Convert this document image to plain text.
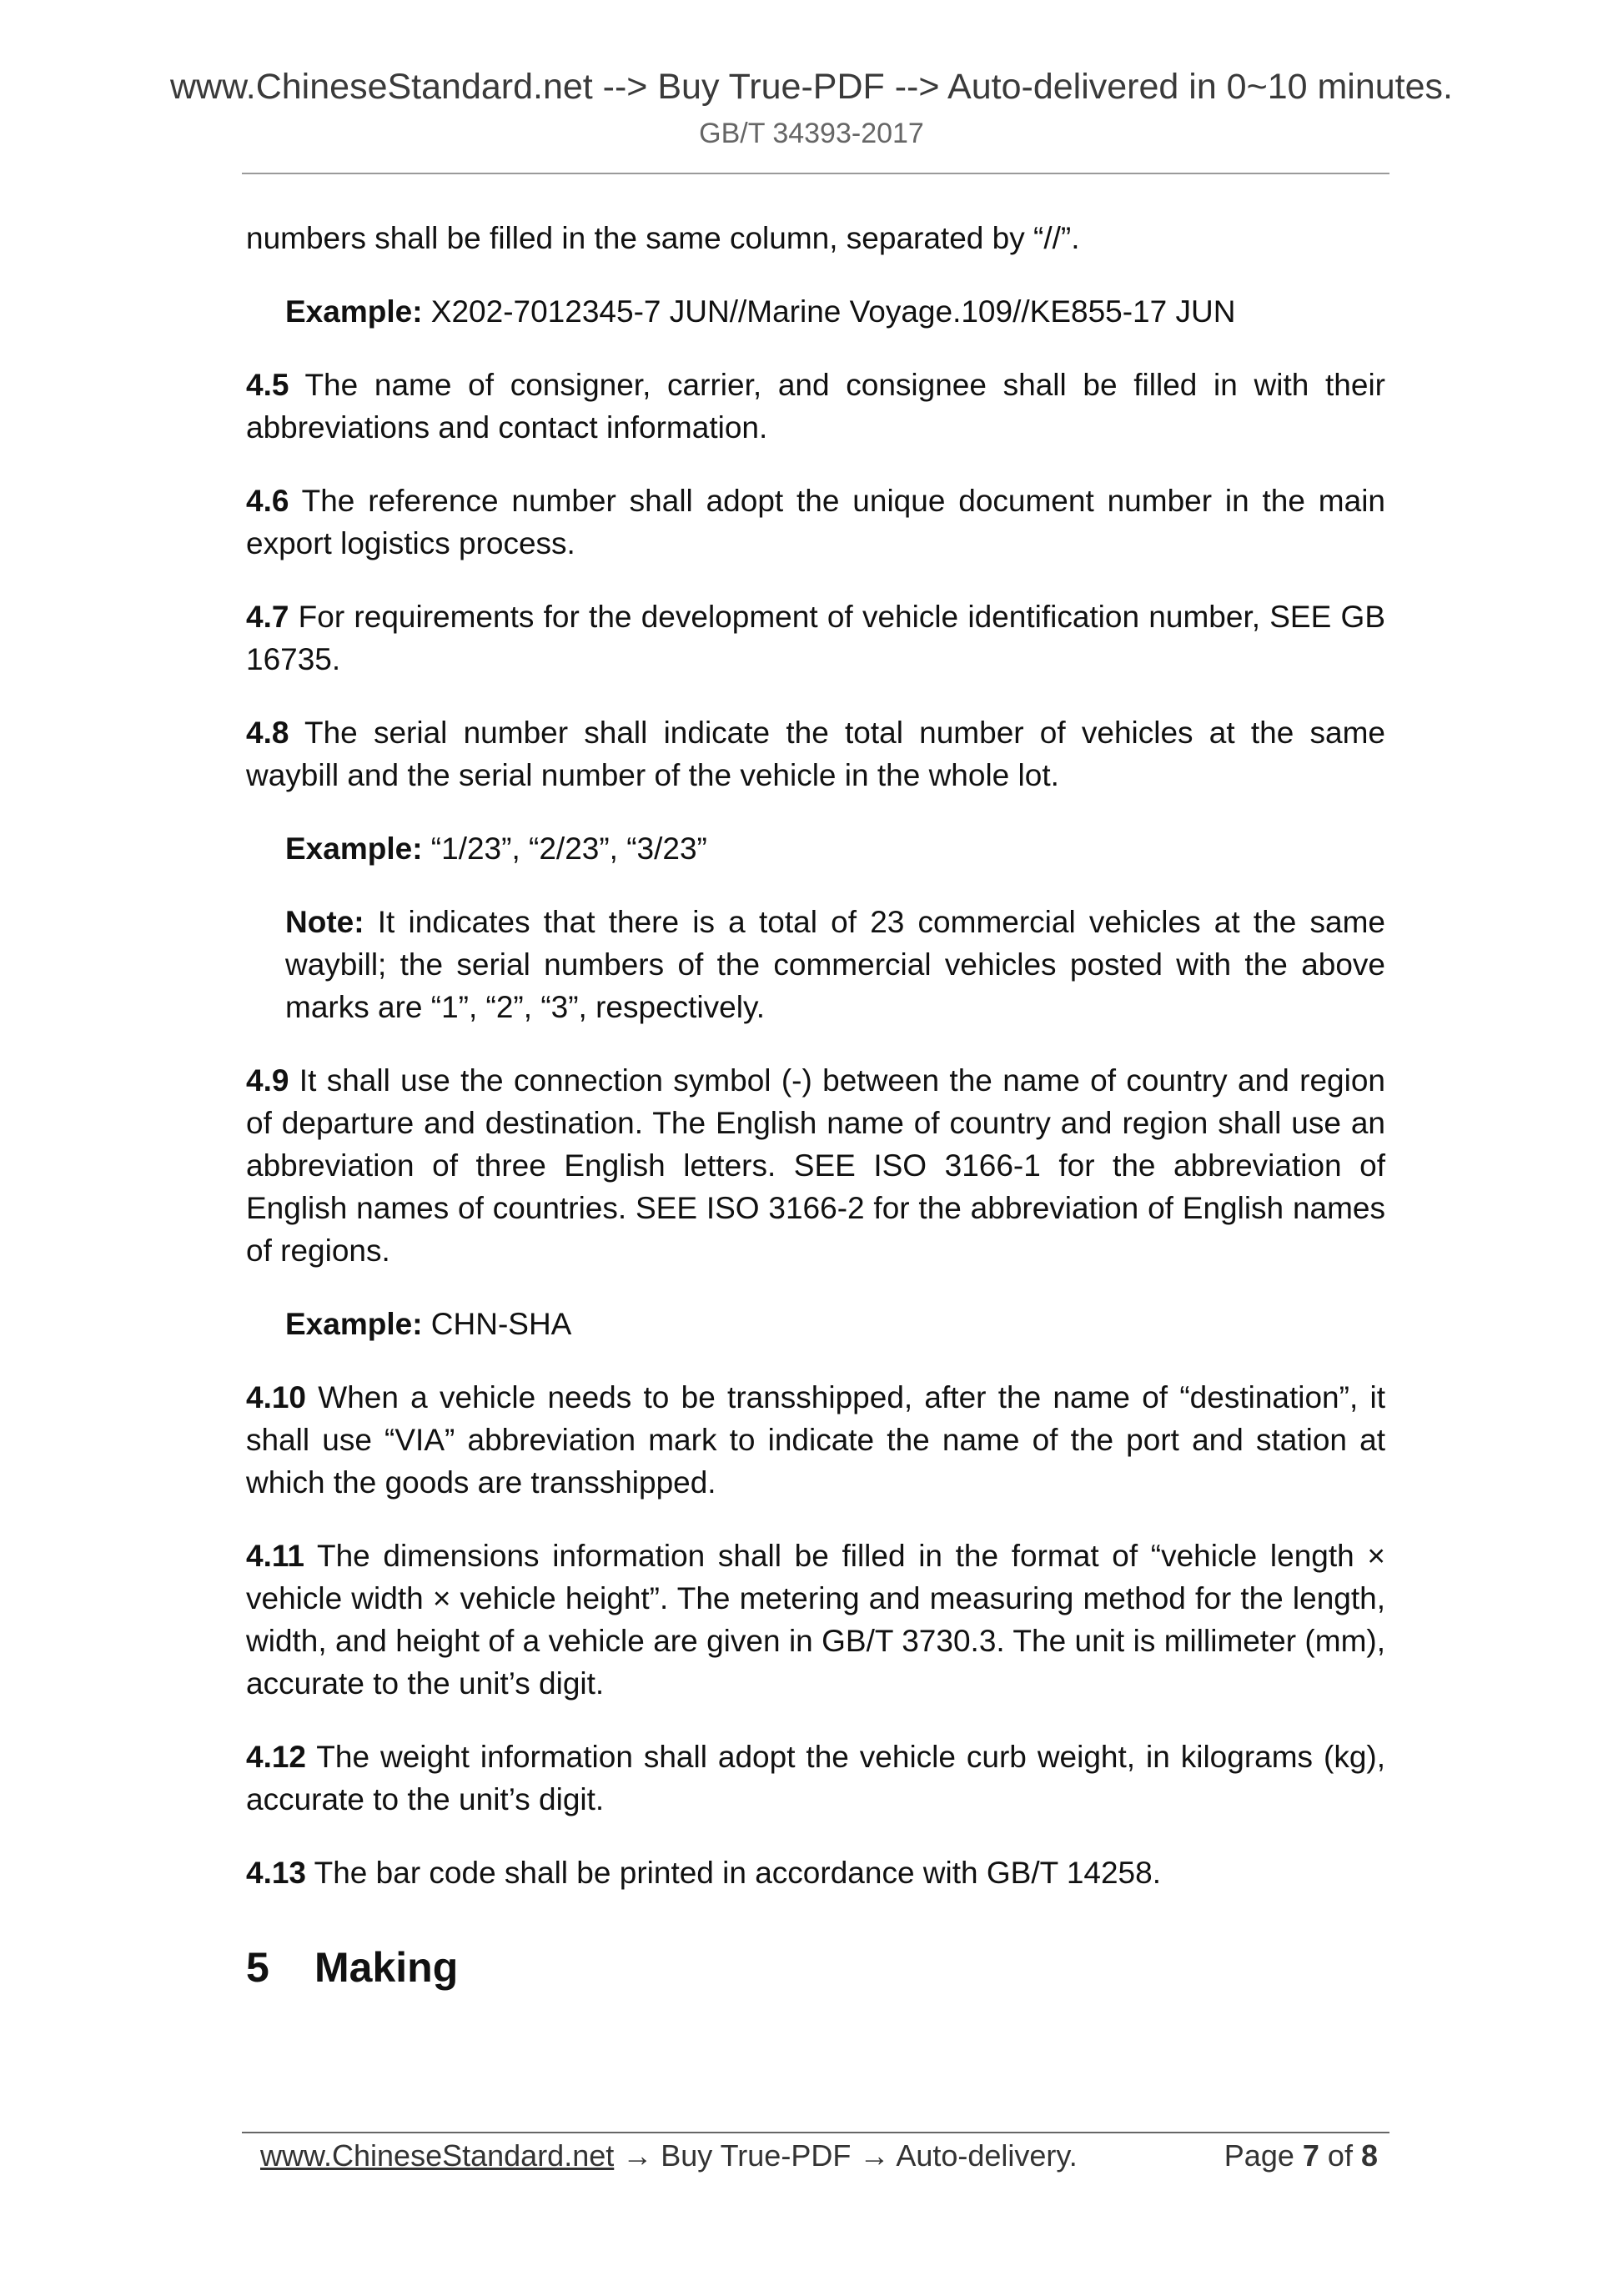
www.ChineseStandard.net --> Buy True-PDF --> Auto-delivered in 0~10 minutes.
GB/T 34393-2017

numbers shall be filled in the same column, separated by “//”.

Example: X202-7012345-7 JUN//Marine Voyage.109//KE855-17 JUN

4.5 The name of consigner, carrier, and consignee shall be filled in with their abbreviations and contact information.

4.6 The reference number shall adopt the unique document number in the main export logistics process.

4.7 For requirements for the development of vehicle identification number, SEE GB 16735.

4.8 The serial number shall indicate the total number of vehicles at the same waybill and the serial number of the vehicle in the whole lot.

Example: “1/23”, “2/23”, “3/23”

Note: It indicates that there is a total of 23 commercial vehicles at the same waybill; the serial numbers of the commercial vehicles posted with the above marks are “1”, “2”, “3”, respectively.

4.9 It shall use the connection symbol (-) between the name of country and region of departure and destination. The English name of country and region shall use an abbreviation of three English letters. SEE ISO 3166-1 for the abbreviation of English names of countries. SEE ISO 3166-2 for the abbreviation of English names of regions.

Example: CHN-SHA

4.10 When a vehicle needs to be transshipped, after the name of “destination”, it shall use “VIA” abbreviation mark to indicate the name of the port and station at which the goods are transshipped.

4.11 The dimensions information shall be filled in the format of “vehicle length × vehicle width × vehicle height”. The metering and measuring method for the length, width, and height of a vehicle are given in GB/T 3730.3. The unit is millimeter (mm), accurate to the unit’s digit.

4.12 The weight information shall adopt the vehicle curb weight, in kilograms (kg), accurate to the unit’s digit.

4.13 The bar code shall be printed in accordance with GB/T 14258.

5 Making
www.ChineseStandard.net → Buy True-PDF → Auto-delivery.	Page 7 of 8
